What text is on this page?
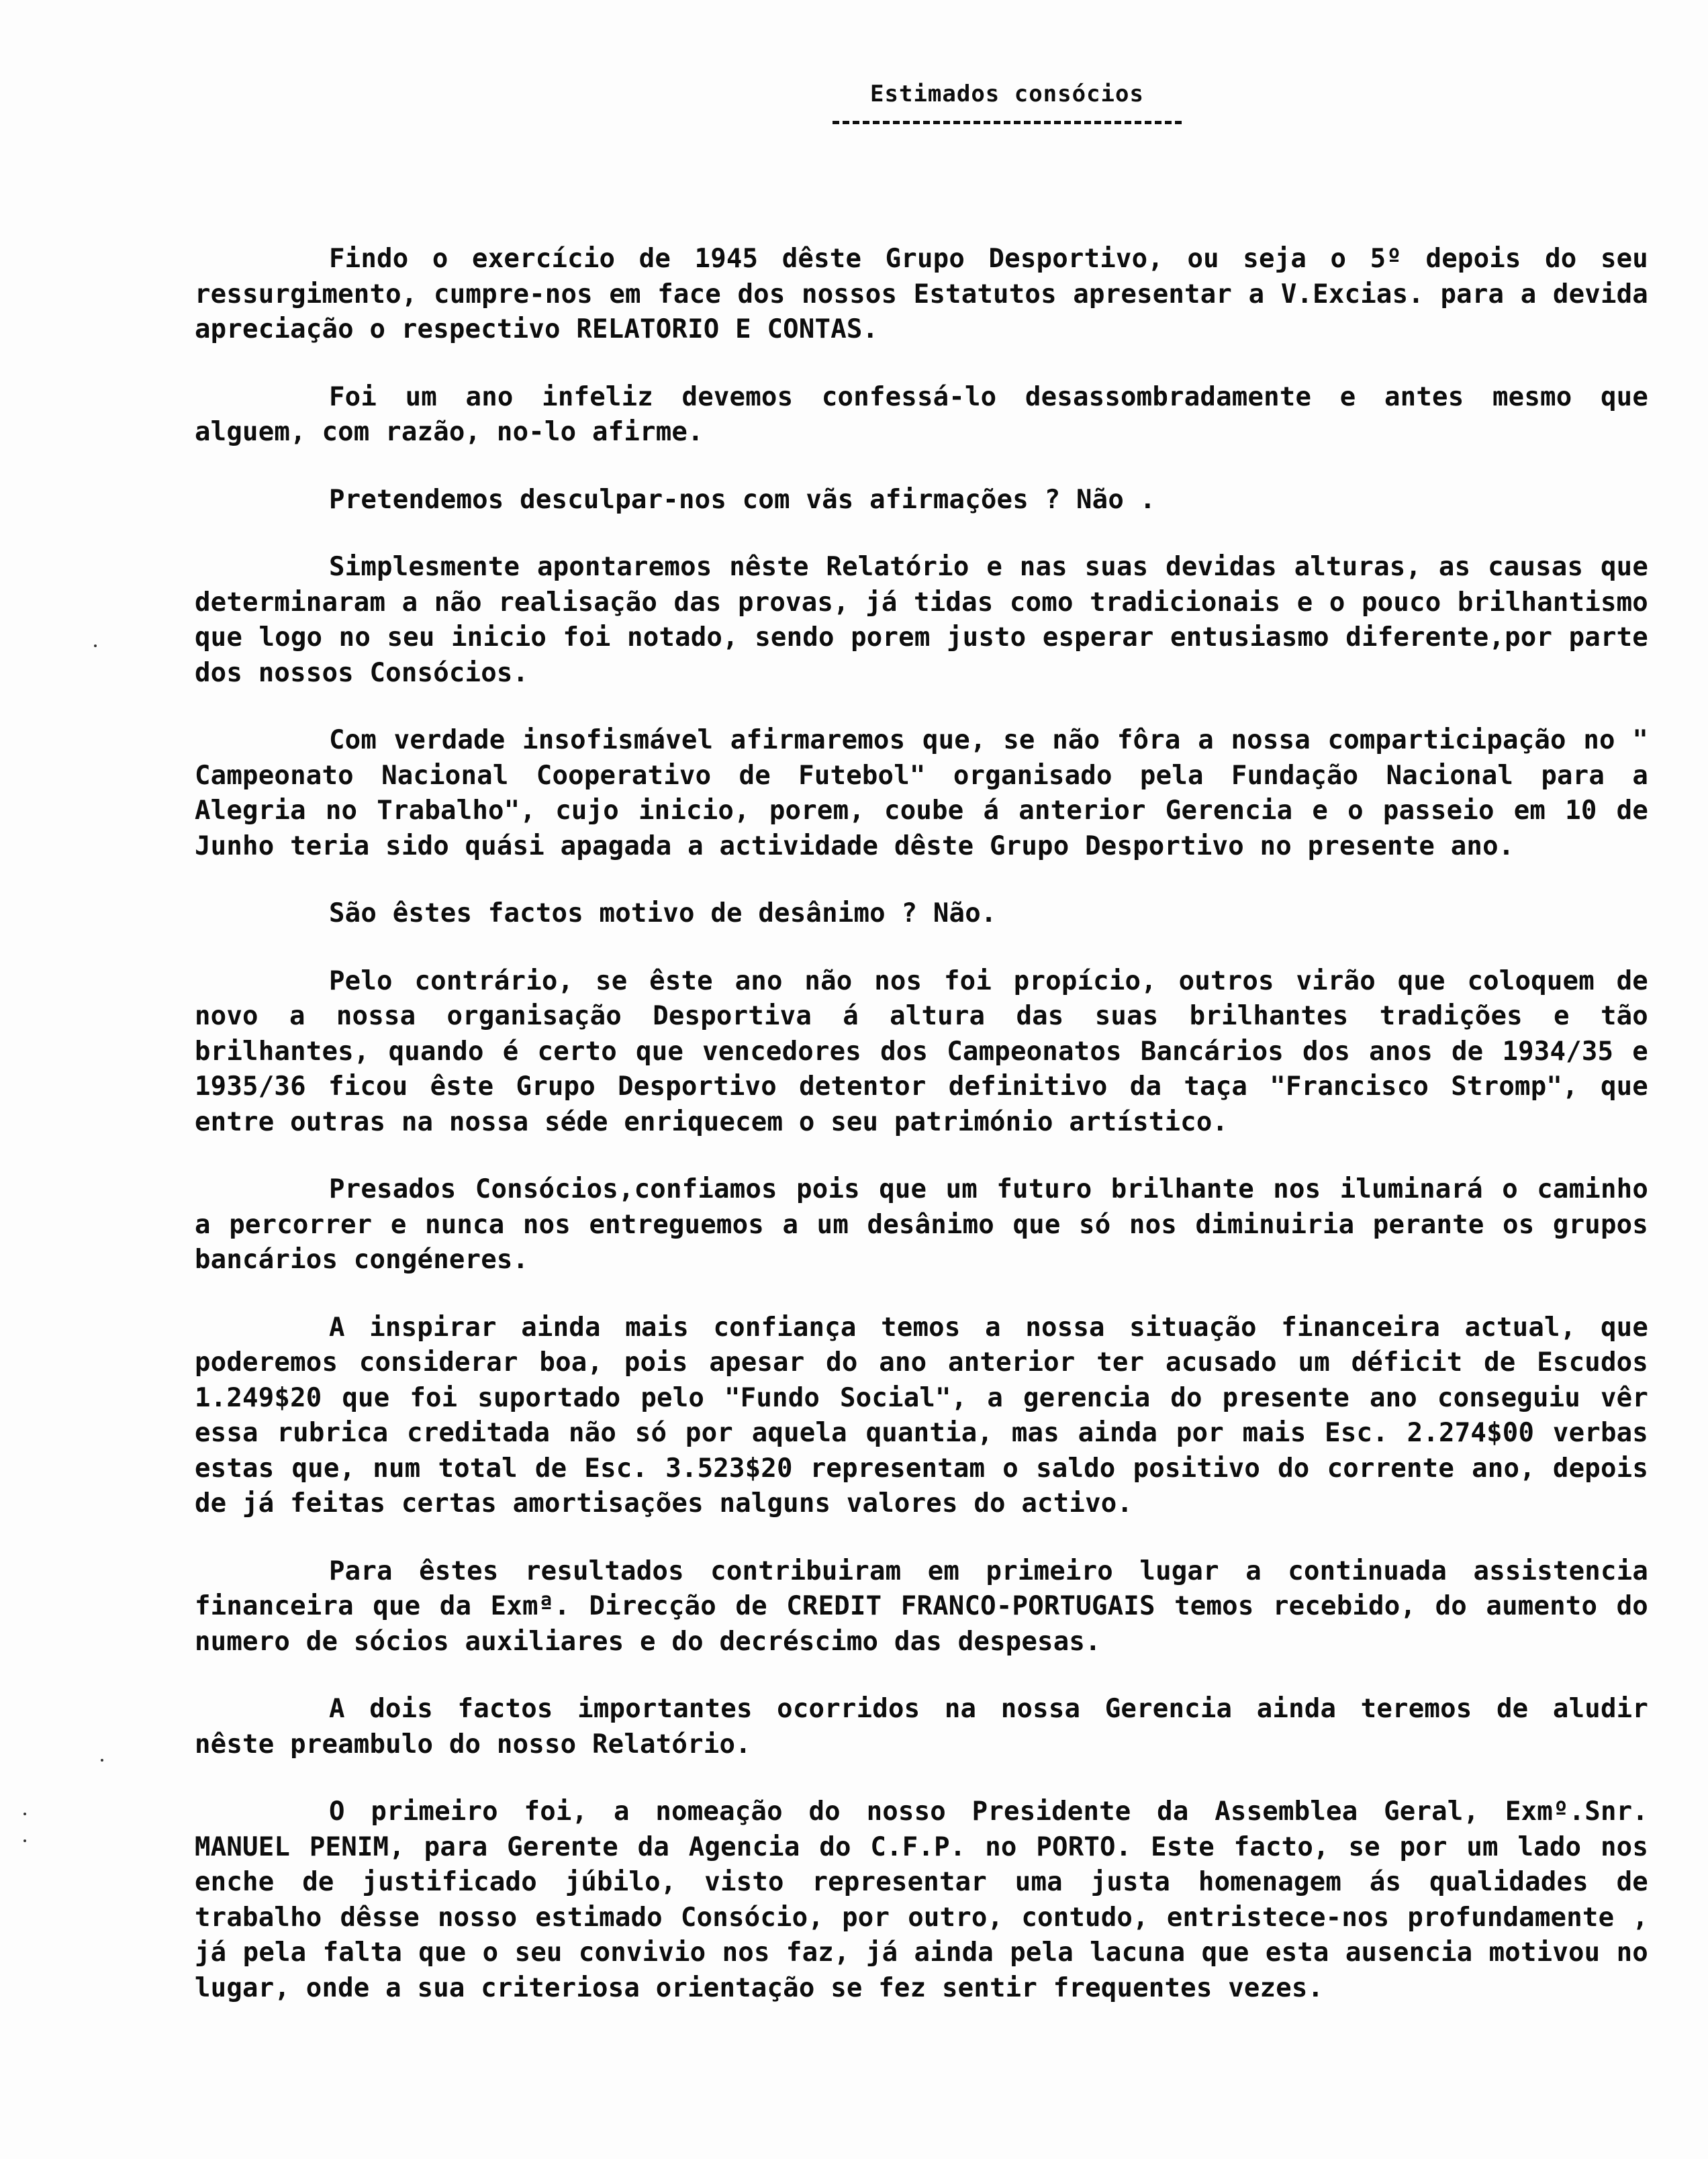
Estimados consócios

Findo o exercício de 1945 dêste Grupo Desportivo, ou seja o 5º depois do seu ressurgimento, cumpre-nos em face dos nossos Estatutos apresentar a V.Excias. para a devida apreciação o respectivo RELATORIO E CONTAS.

Foi um ano infeliz devemos confessá-lo desassombradamente e antes mesmo que alguem, com razão, no-lo afirme.

Pretendemos desculpar-nos com vãs afirmações ? Não .

Simplesmente apontaremos nêste Relatório e nas suas devidas alturas, as causas que determinaram a não realisação das provas, já tidas como tradicionais e o pouco brilhantismo que logo no seu inicio foi notado, sendo porem justo esperar entusiasmo diferente,por parte dos nossos Consócios.

Com verdade insofismável afirmaremos que, se não fôra a nossa comparticipação no " Campeonato Nacional Cooperativo de Futebol" organisado pela Fundação Nacional para a Alegria no Trabalho", cujo inicio, porem, coube á anterior Gerencia e o passeio em 10 de Junho teria sido quási apagada a actividade dêste Grupo Desportivo no presente ano.

São êstes factos motivo de desânimo ? Não.

Pelo contrário, se êste ano não nos foi propício, outros virão que coloquem de novo a nossa organisação Desportiva á altura das suas brilhantes tradições e tão brilhantes, quando é certo que vencedores dos Campeonatos Bancários dos anos de 1934/35 e 1935/36 ficou êste Grupo Desportivo detentor definitivo da taça "Francisco Stromp", que entre outras na nossa séde enriquecem o seu património artístico.

Presados Consócios,confiamos pois que um futuro brilhante nos iluminará o caminho a percorrer e nunca nos entreguemos a um desânimo que só nos diminuiria perante os grupos bancários congéneres.

A inspirar ainda mais confiança temos a nossa situação financeira actual, que poderemos considerar boa, pois apesar do ano anterior ter acusado um déficit de Escudos 1.249$20 que foi suportado pelo "Fundo Social", a gerencia do presente ano conseguiu vêr essa rubrica creditada não só por aquela quantia, mas ainda por mais Esc. 2.274$00 verbas estas que, num total de Esc. 3.523$20 representam o saldo positivo do corrente ano, depois de já feitas certas amortisações nalguns valores do activo.

Para êstes resultados contribuiram em primeiro lugar a continuada assistencia financeira que da Exmª. Direcção de CREDIT FRANCO-PORTUGAIS temos recebido, do aumento do numero de sócios auxiliares e do decréscimo das despesas.

A dois factos importantes ocorridos na nossa Gerencia ainda teremos de aludir nêste preambulo do nosso Relatório.

O primeiro foi, a nomeação do nosso Presidente da Assemblea Geral, Exmº.Snr. MANUEL PENIM, para Gerente da Agencia do C.F.P. no PORTO. Este facto, se por um lado nos enche de justificado júbilo, visto representar uma justa homenagem ás qualidades de trabalho dêsse nosso estimado Consócio, por outro, contudo, entristece-nos profundamente , já pela falta que o seu convivio nos faz, já ainda pela lacuna que esta ausencia motivou no lugar, onde a sua criteriosa orientação se fez sentir frequentes vezes.
